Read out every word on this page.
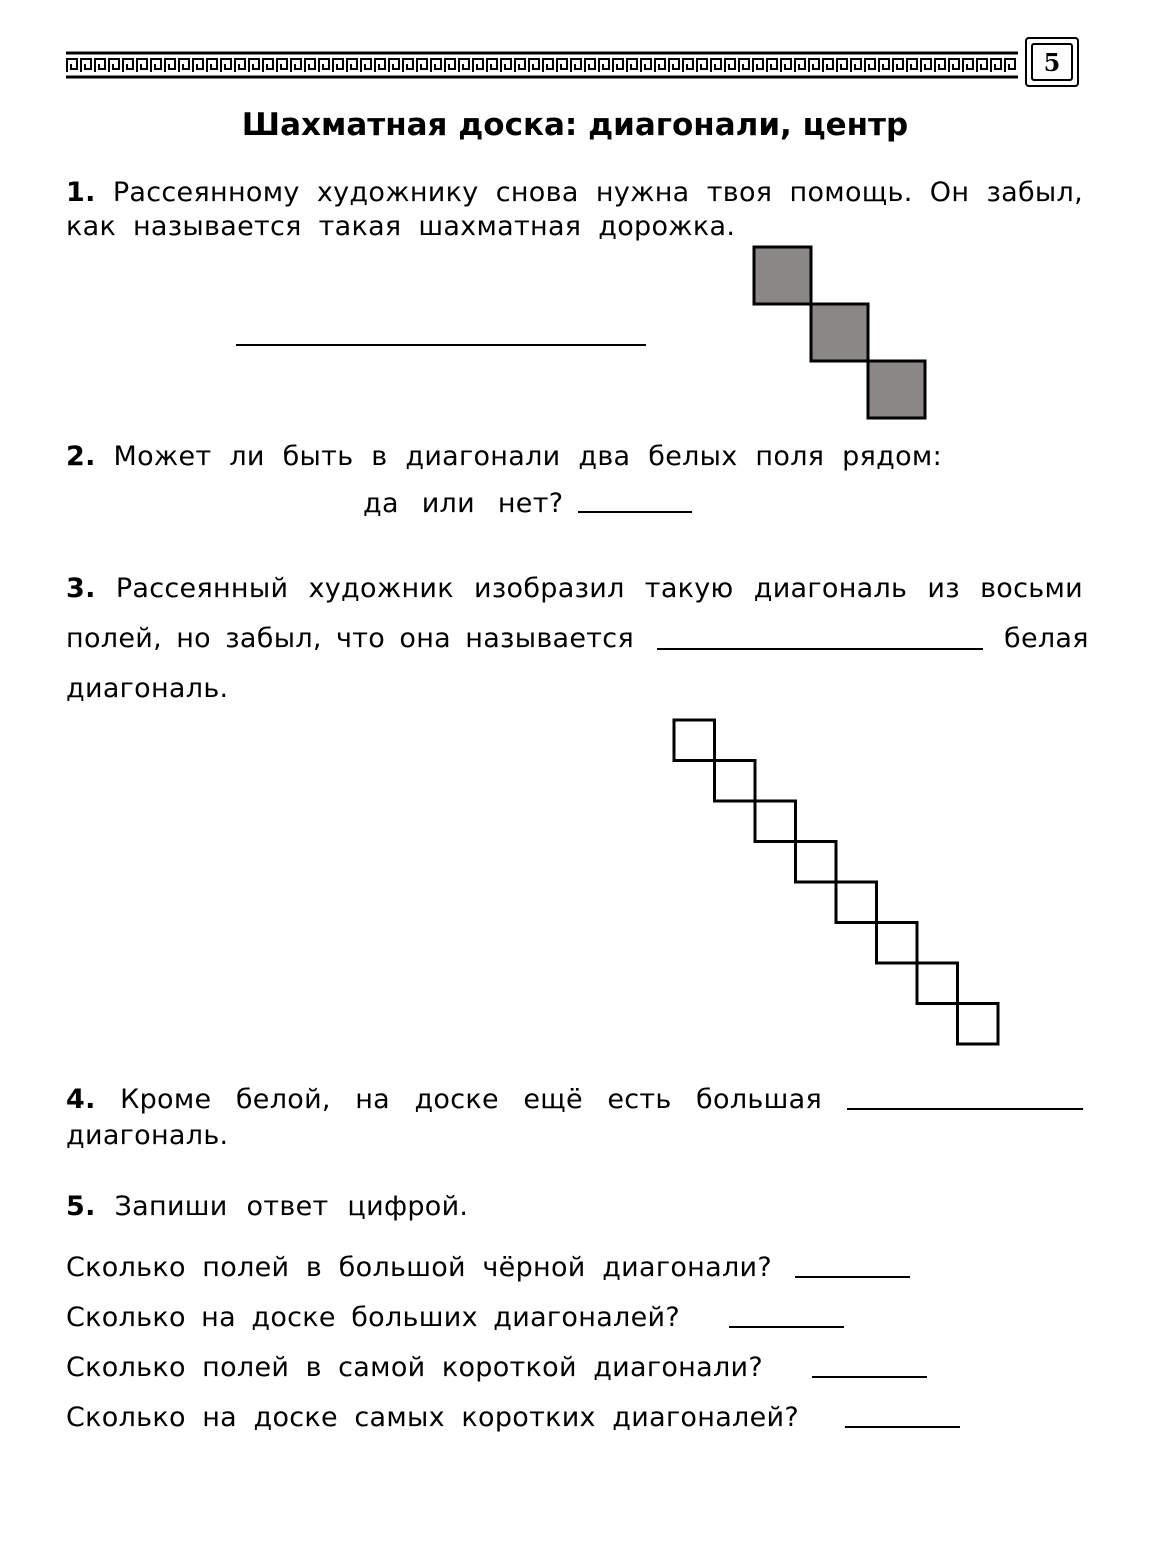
5
Шахматная доска: диагонали, центр
1. Рассеянному художнику снова нужна твоя помощь. Он забыл,
как называется такая шахматная дорожка.
2. Может ли быть в диагонали два белых поля рядом:
да или нет?
3. Рассеянный художник изобразил такую диагональ из восьми
полей, но забыл, что она называется	белая
диагональ.
4. Кроме белой, на доске ещё есть большая
диагональ.
5. Запиши ответ цифрой.
Сколько полей в большой чёрной диагонали?
Сколько на доске больших диагоналей?
Сколько полей в самой короткой диагонали?
Сколько на доске самых коротких диагоналей?
